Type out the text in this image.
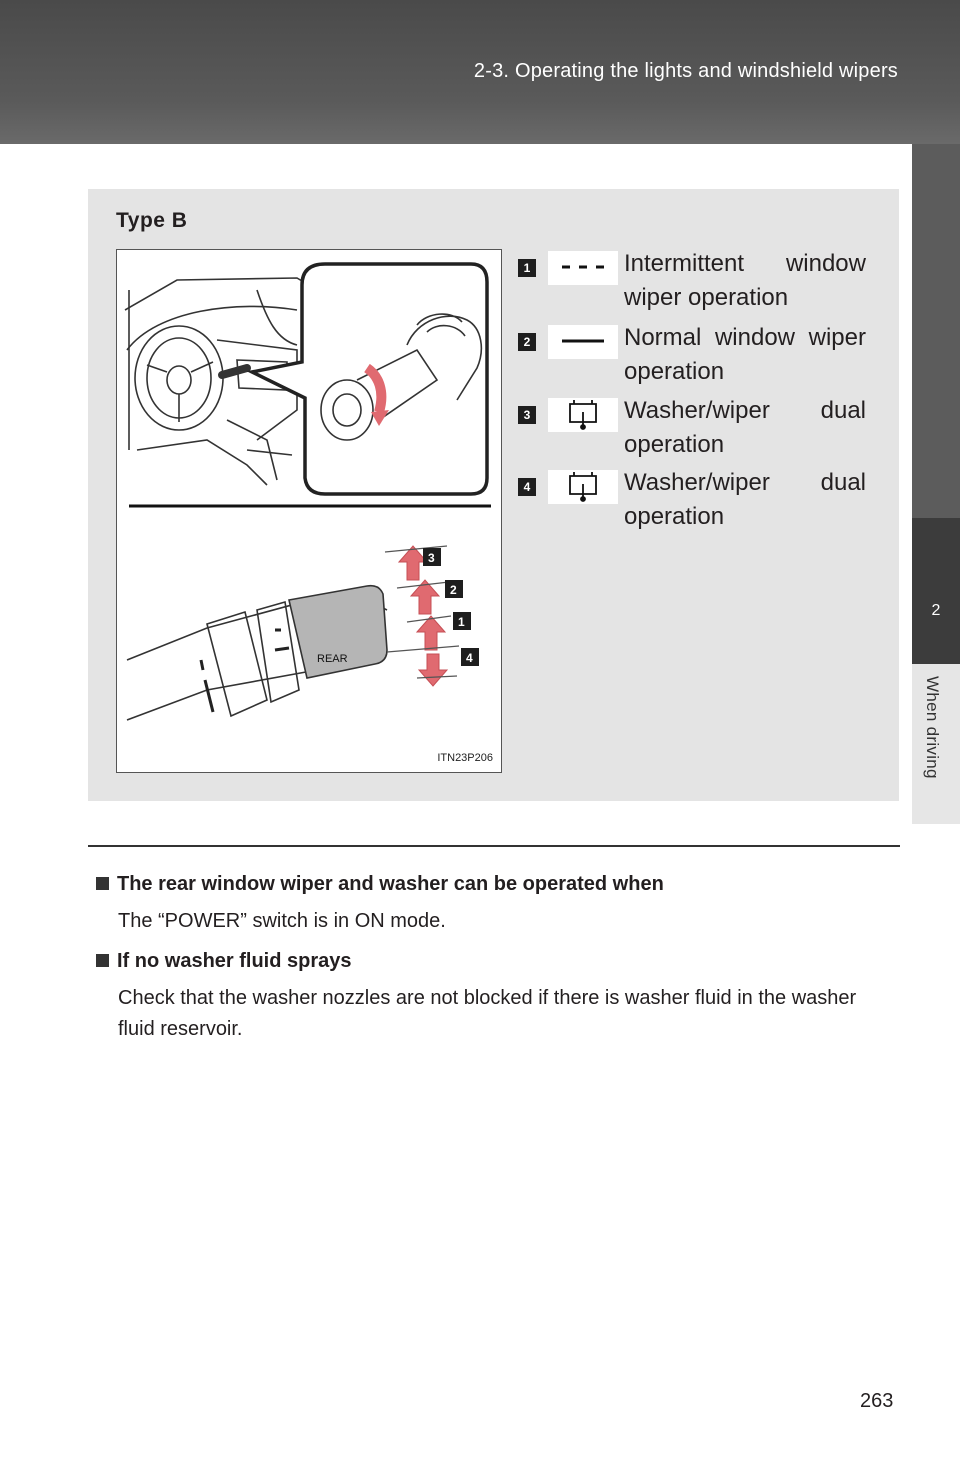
2-3. Operating the lights and windshield wipers
2
When driving
Type B
REAR
3
2
1
4
ITN23P206
1	Intermittent window wiper operation
2	Normal window wiper operation
3	Washer/wiper dual operation
4	Washer/wiper dual operation
The rear window wiper and washer can be operated when
The “POWER” switch is in ON mode.
If no washer fluid sprays
Check that the washer nozzles are not blocked if there is washer fluid in the washer fluid reservoir.
263
